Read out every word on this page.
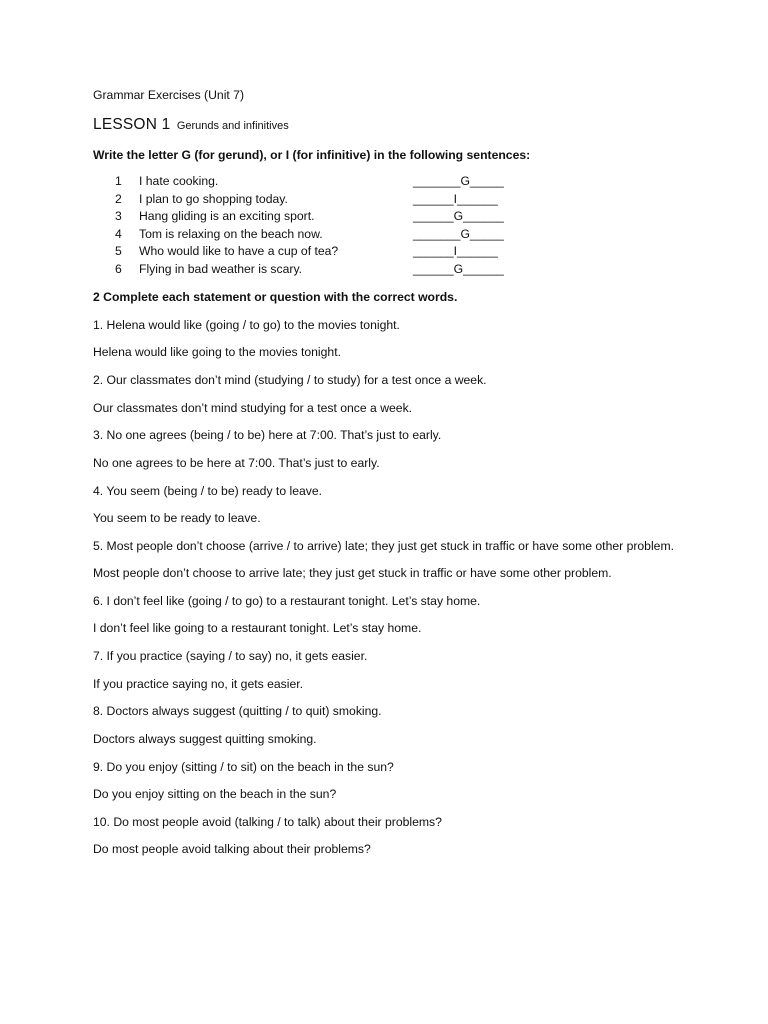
Grammar Exercises (Unit 7)
LESSON 1 Gerunds and infinitives
Write the letter G (for gerund), or I (for infinitive) in the following sentences:
1	I hate cooking.	_______G_____
2	I plan to go shopping today.	______I______
3	Hang gliding is an exciting sport.	______G______
4	Tom is relaxing on the beach now.	_______G_____
5	Who would like to have a cup of tea?	______I______
6	Flying in bad weather is scary.	______G______
2 Complete each statement or question with the correct words.

1. Helena would like (going / to go) to the movies tonight.

Helena would like going to the movies tonight.

2. Our classmates don’t mind (studying / to study) for a test once a week.

Our classmates don’t mind studying for a test once a week.

3. No one agrees (being / to be) here at 7:00. That’s just to early.

No one agrees to be here at 7:00. That’s just to early.

4. You seem (being / to be) ready to leave.

You seem to be ready to leave.

5. Most people don’t choose (arrive / to arrive) late; they just get stuck in traffic or have some other problem.

Most people don’t choose to arrive late; they just get stuck in traffic or have some other problem.

6. I don’t feel like (going / to go) to a restaurant tonight. Let’s stay home.

I don’t feel like going to a restaurant tonight. Let’s stay home.

7. If you practice (saying / to say) no, it gets easier.

If you practice saying no, it gets easier.

8. Doctors always suggest (quitting / to quit) smoking.

Doctors always suggest quitting smoking.

9. Do you enjoy (sitting / to sit) on the beach in the sun?

Do you enjoy sitting on the beach in the sun?

10. Do most people avoid (talking / to talk) about their problems?

Do most people avoid talking about their problems?
